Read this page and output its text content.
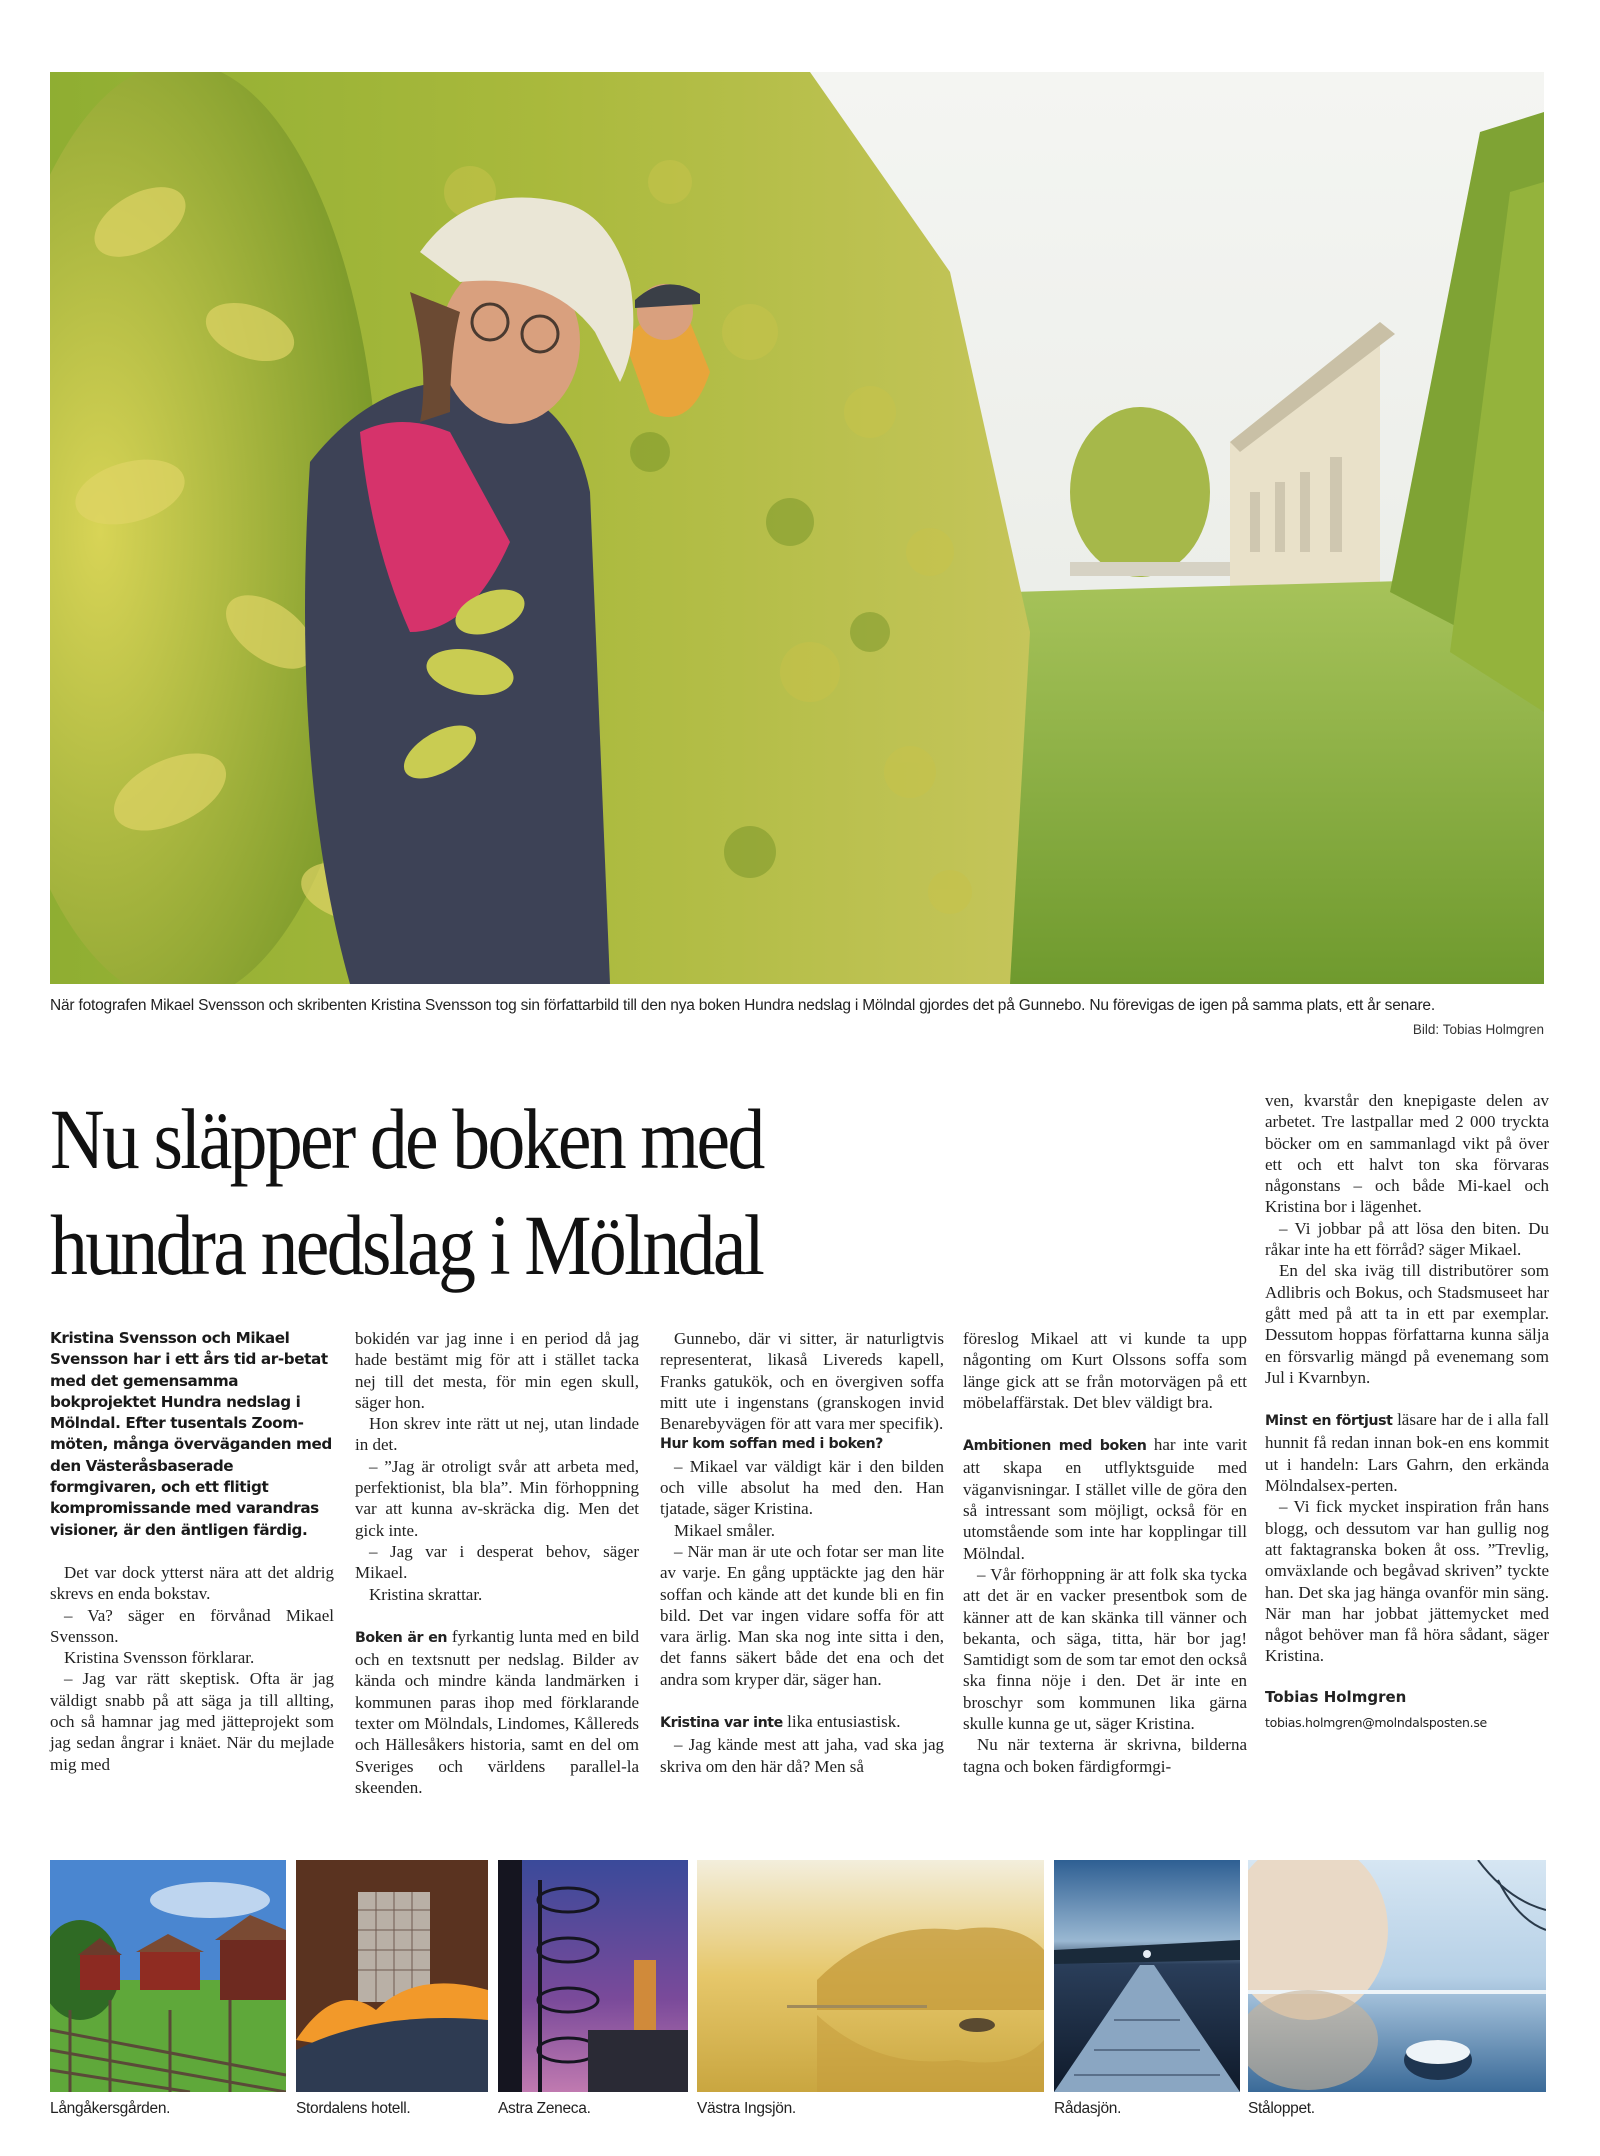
När fotografen Mikael Svensson och skribenten Kristina Svensson tog sin författarbild till den nya boken Hundra nedslag i Mölndal gjordes det på Gunnebo. Nu förevigas de igen på samma plats, ett år senare.
Bild: Tobias Holmgren
Nu släpper de boken med
hundra nedslag i Mölndal

Kristina Svensson och Mikael Svensson har i ett års tid ar-betat med det gemensamma bokprojektet Hundra nedslag i Mölndal. Efter tusentals Zoom-möten, många överväganden med den Västeråsbaserade formgivaren, och ett flitigt kompromissande med varandras visioner, är den äntligen färdig.

Det var dock ytterst nära att det aldrig skrevs en enda bokstav.

– Va? säger en förvånad Mikael Svensson.

Kristina Svensson förklarar.

– Jag var rätt skeptisk. Ofta är jag väldigt snabb på att säga ja till allting, och så hamnar jag med jätteprojekt som jag sedan ångrar i knäet. När du mejlade mig med

bokidén var jag inne i en period då jag hade bestämt mig för att i stället tacka nej till det mesta, för min egen skull, säger hon.

Hon skrev inte rätt ut nej, utan lindade in det.

– ”Jag är otroligt svår att arbeta med, perfektionist, bla bla”. Min förhoppning var att kunna av-skräcka dig. Men det gick inte.

– Jag var i desperat behov, säger Mikael.

Kristina skrattar.

Boken är en fyrkantig lunta med en bild och en textsnutt per nedslag. Bilder av kända och mindre kända landmärken i kommunen paras ihop med förklarande texter om Mölndals, Lindomes, Kållereds och Hällesåkers historia, samt en del om Sveriges och världens parallel-la skeenden.

Gunnebo, där vi sitter, är naturligtvis representerat, likaså Livereds kapell, Franks gatukök, och en övergiven soffa mitt ute i ingenstans (granskogen invid Benarebyvägen för att vara mer specifik).

Hur kom soffan med i boken?

– Mikael var väldigt kär i den bilden och ville absolut ha med den. Han tjatade, säger Kristina.

Mikael småler.

– När man är ute och fotar ser man lite av varje. En gång upptäckte jag den här soffan och kände att det kunde bli en fin bild. Det var ingen vidare soffa för att vara ärlig. Man ska nog inte sitta i den, det fanns säkert både det ena och det andra som kryper där, säger han.

Kristina var inte lika entusiastisk.

– Jag kände mest att jaha, vad ska jag skriva om den här då? Men så

föreslog Mikael att vi kunde ta upp någonting om Kurt Olssons soffa som länge gick att se från motorvägen på ett möbelaffärstak. Det blev väldigt bra.

Ambitionen med boken har inte varit att skapa en utflyktsguide med väganvisningar. I stället ville de göra den så intressant som möjligt, också för en utomstående som inte har kopplingar till Mölndal.

– Vår förhoppning är att folk ska tycka att det är en vacker presentbok som de känner att de kan skänka till vänner och bekanta, och säga, titta, här bor jag! Samtidigt som de som tar emot den också ska finna nöje i den. Det är inte en broschyr som kommunen lika gärna skulle kunna ge ut, säger Kristina.

Nu när texterna är skrivna, bilderna tagna och boken färdigformgi-

ven, kvarstår den knepigaste delen av arbetet. Tre lastpallar med 2 000 tryckta böcker om en sammanlagd vikt på över ett och ett halvt ton ska förvaras någonstans – och både Mi-kael och Kristina bor i lägenhet.

– Vi jobbar på att lösa den biten. Du råkar inte ha ett förråd? säger Mikael.

En del ska iväg till distributörer som Adlibris och Bokus, och Stadsmuseet har gått med på att ta in ett par exemplar. Dessutom hoppas författarna kunna sälja en försvarlig mängd på evenemang som Jul i Kvarnbyn.

Minst en förtjust läsare har de i alla fall hunnit få redan innan bok-en ens kommit ut i handeln: Lars Gahrn, den erkända Mölndalsex-perten.

– Vi fick mycket inspiration från hans blogg, och dessutom var han gullig nog att faktagranska boken åt oss. ”Trevlig, omväxlande och begåvad skriven” tyckte han. Det ska jag hänga ovanför min säng. När man har jobbat jättemycket med något behöver man få höra sådant, säger Kristina.

Tobias Holmgren

tobias.holmgren@molndalsposten.se

Långåkersgården.	Stordalens hotell.	Astra Zeneca.	Västra Ingsjön.	Rådasjön.	Ståloppet.
